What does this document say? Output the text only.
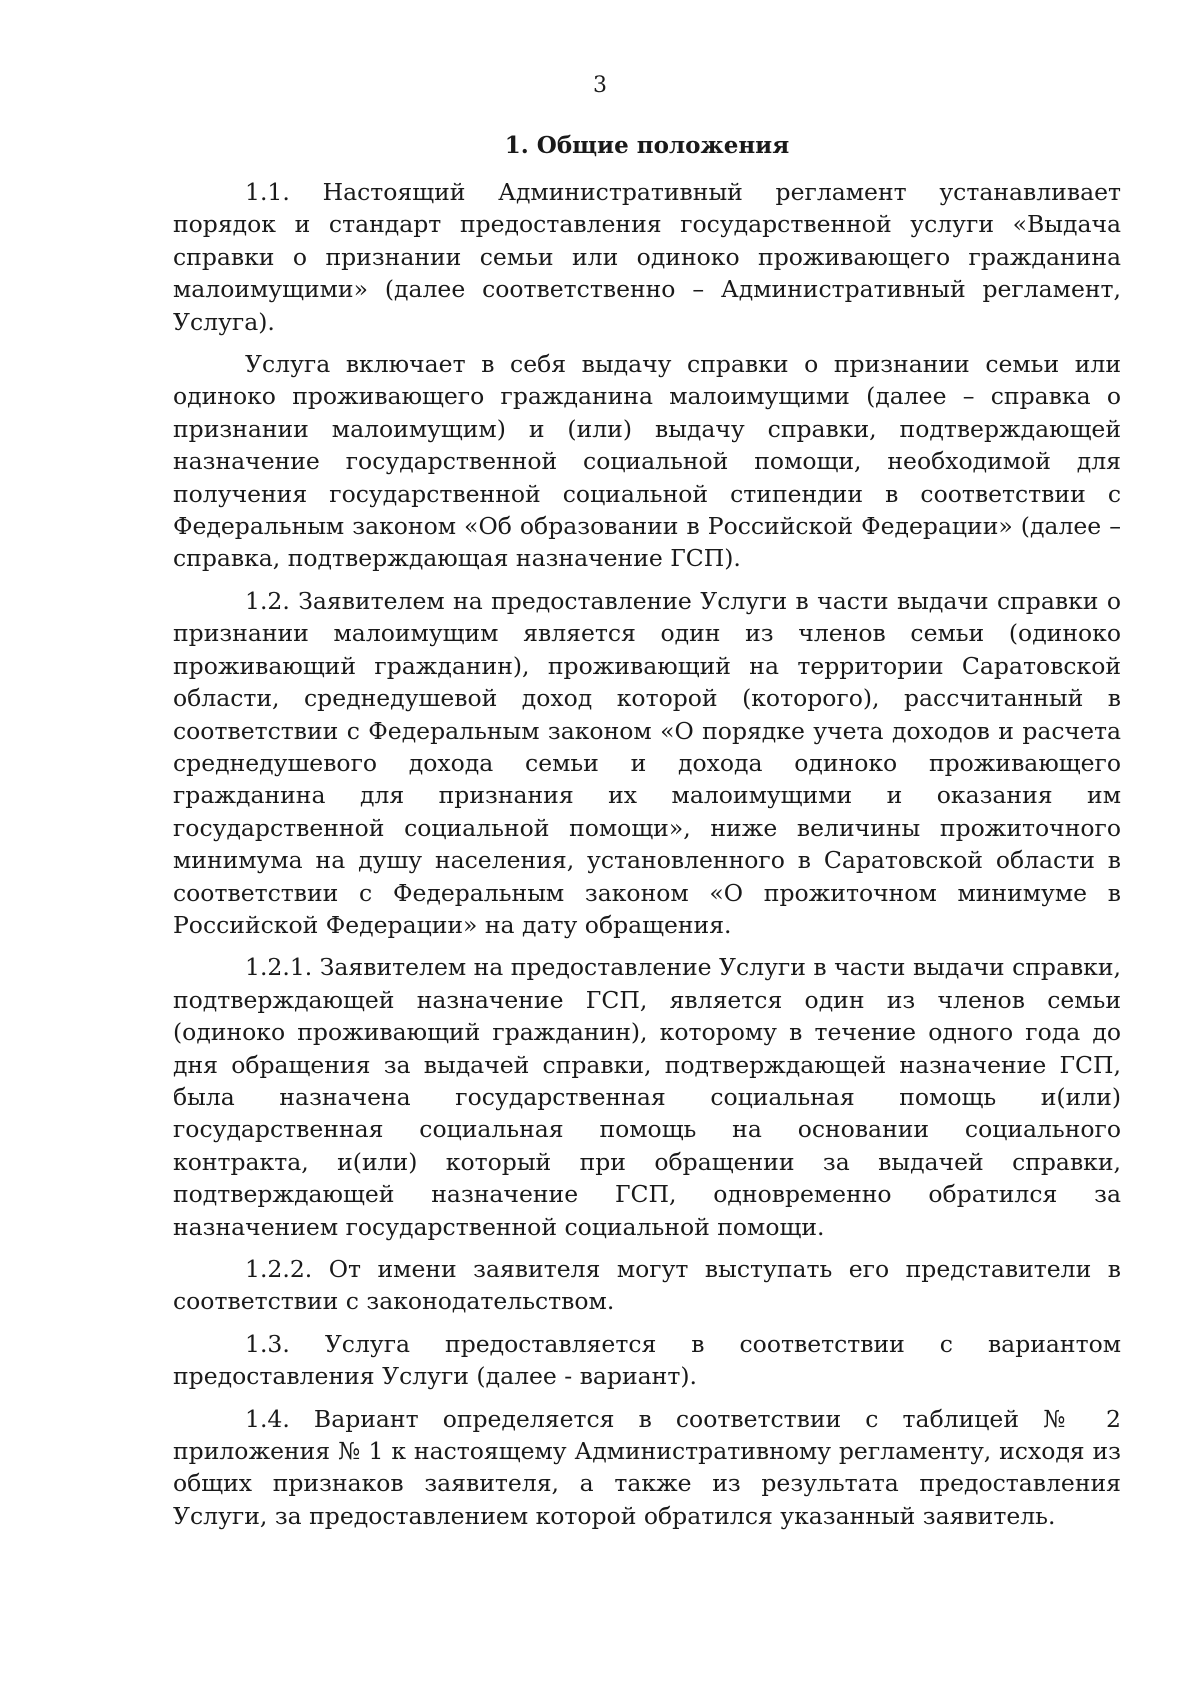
3
1. Общие положения

1.1. Настоящий Административный регламент устанавливает порядок и стандарт предоставления государственной услуги «Выдача справки о признании семьи или одиноко проживающего гражданина малоимущими» (далее соответственно – Административный регламент, Услуга).

Услуга включает в себя выдачу справки о признании семьи или одиноко проживающего гражданина малоимущими (далее – справка о признании малоимущим) и (или) выдачу справки, подтверждающей назначение государственной социальной помощи, необходимой для получения государственной социальной стипендии в соответствии с Федеральным законом «Об образовании в Российской Федерации» (далее – справка, подтверждающая назначение ГСП).

1.2. Заявителем на предоставление Услуги в части выдачи справки о признании малоимущим является один из членов семьи (одиноко проживающий гражданин), проживающий на территории Саратовской области, среднедушевой доход которой (которого), рассчитанный в соответствии с Федеральным законом «О порядке учета доходов и расчета среднедушевого дохода семьи и дохода одиноко проживающего гражданина для признания их малоимущими и оказания им государственной социальной помощи», ниже величины прожиточного минимума на душу населения, установленного в Саратовской области в соответствии с Федеральным законом «О прожиточном минимуме в Российской Федерации» на дату обращения.

1.2.1. Заявителем на предоставление Услуги в части выдачи справки, подтверждающей назначение ГСП, является один из членов семьи (одиноко проживающий гражданин), которому в течение одного года до дня обращения за выдачей справки, подтверждающей назначение ГСП, была назначена государственная социальная помощь и(или) государственная социальная помощь на основании социального контракта, и(или) который при обращении за выдачей справки, подтверждающей назначение ГСП, одновременно обратился за назначением государственной социальной помощи.

1.2.2. От имени заявителя могут выступать его представители в соответствии с законодательством.

1.3. Услуга предоставляется в соответствии с вариантом предоставления Услуги (далее - вариант).

1.4. Вариант определяется в соответствии с таблицей № 2 приложения № 1 к настоящему Административному регламенту, исходя из общих признаков заявителя, а также из результата предоставления Услуги, за предоставлением которой обратился указанный заявитель.
